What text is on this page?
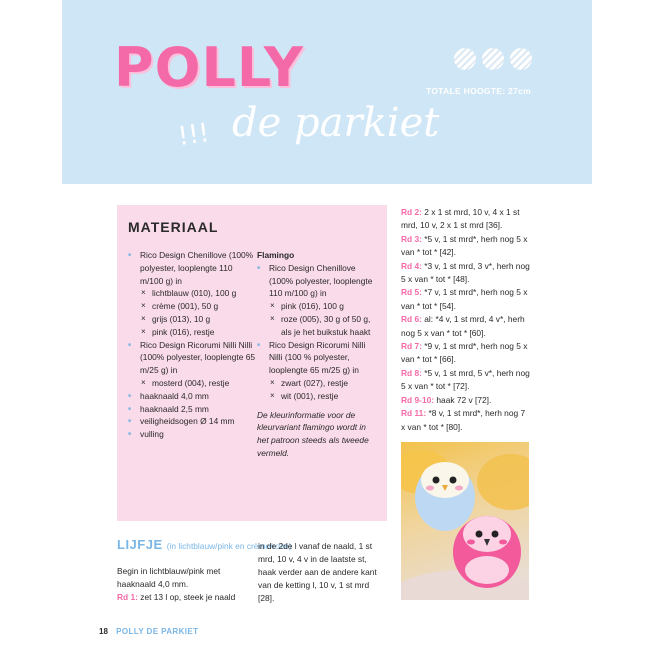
POLLY
!!! de parkiet
TOTALE HOOGTE: 27cm
MATERIAAL
■ Rico Design Chenillove (100% polyester, looplengte 110 m/100 g) in
× lichtblauw (010), 100 g
× crème (001), 50 g
× grijs (013), 10 g
× pink (016), restje
■ Rico Design Ricorumi Nilli Nilli (100% polyester, looplengte 65 m/25 g) in
× mosterd (004), restje
■ haaknaald 4,0 mm
■ haaknaald 2,5 mm
■ veiligheidsogen Ø 14 mm
■ vulling
Flamingo
■ Rico Design Chenillove (100% polyester, looplengte 110 m/100 g) in
× pink (016), 100 g
× roze (005), 30 g of 50 g, als je het buikstuk haakt
■ Rico Design Ricorumi Nilli Nilli (100 % polyester, looplengte 65 m/25 g) in
× zwart (027), restje
× wit (001), restje
De kleurinformatie voor de kleurvariant flamingo wordt in het patroon steeds als tweede vermeld.
Rd 2: 2 x 1 st mrd, 10 v, 4 x 1 st mrd, 10 v, 2 x 1 st mrd [36].
Rd 3: *5 v, 1 st mrd*, herh nog 5 x van * tot * [42].
Rd 4: *3 v, 1 st mrd, 3 v*, herh nog 5 x van * tot * [48].
Rd 5: *7 v, 1 st mrd*, herh nog 5 x van * tot * [54].
Rd 6: al: *4 v, 1 st mrd, 4 v*, herh nog 5 x van * tot * [60].
Rd 7: *9 v, 1 st mrd*, herh nog 5 x van * tot * [66].
Rd 8: *5 v, 1 st mrd, 5 v*, herh nog 5 x van * tot * [72].
Rd 9-10: haak 72 v [72].
Rd 11: *8 v, 1 st mrd*, herh nog 7 x van * tot * [80].
LIJFJE (in lichtblauw/pink en crème/roze)
Begin in lichtblauw/pink met haaknaald 4,0 mm.
Rd 1: zet 13 l op, steek je naald
in de 2de l vanaf de naald, 1 st mrd, 10 v, 4 v in de laatste st, haak verder aan de andere kant van de ketting l, 10 v, 1 st mrd [28].
18 POLLY DE PARKIET
